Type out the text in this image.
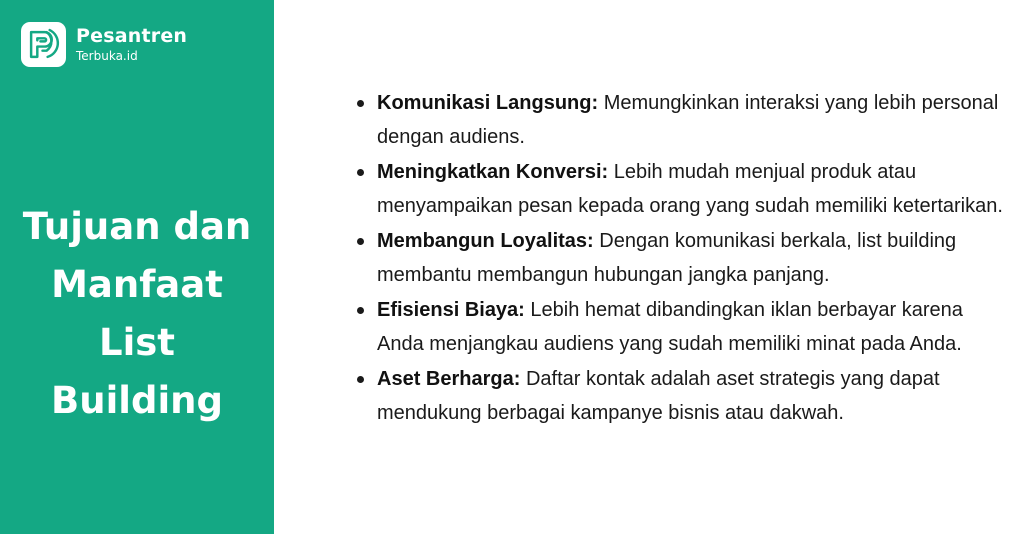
Pesantren
Terbuka.id
Tujuan dan
Manfaat
List
Building
Komunikasi Langsung: Memungkinkan interaksi yang lebih personal dengan audiens.
Meningkatkan Konversi: Lebih mudah menjual produk atau menyampaikan pesan kepada orang yang sudah memiliki ketertarikan.
Membangun Loyalitas: Dengan komunikasi berkala, list building membantu membangun hubungan jangka panjang.
Efisiensi Biaya: Lebih hemat dibandingkan iklan berbayar karena Anda menjangkau audiens yang sudah memiliki minat pada Anda.
Aset Berharga: Daftar kontak adalah aset strategis yang dapat mendukung berbagai kampanye bisnis atau dakwah.
